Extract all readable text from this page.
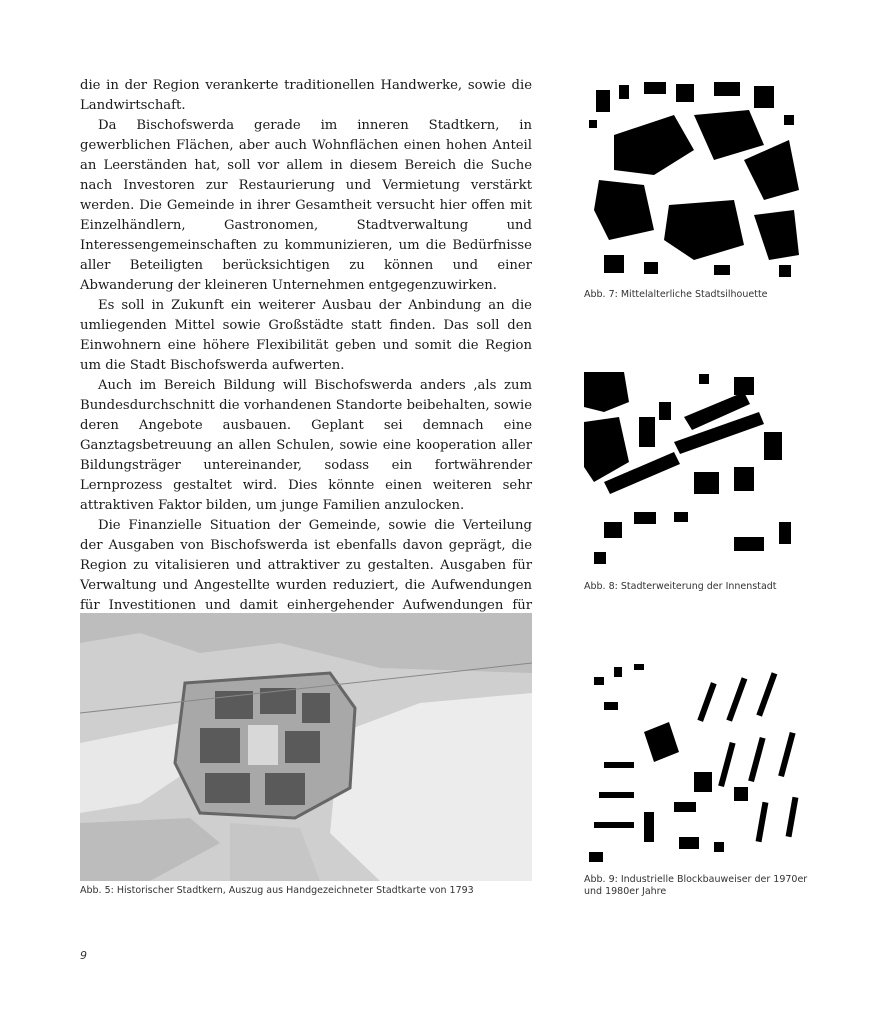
die in der Region verankerte traditionellen Handwerke, sowie die Landwirtschaft.

Da Bischofswerda gerade im inneren Stadtkern, in gewerblichen Flächen, aber auch Wohnflächen einen hohen Anteil an Leerständen hat, soll vor allem in diesem Bereich die Suche nach Investoren zur Restaurierung und Vermietung verstärkt werden. Die Gemeinde in ihrer Gesamtheit versucht hier offen mit Einzelhändlern, Gastronomen, Stadtverwaltung und Interessengemeinschaften zu kommunizieren, um die Bedürfnisse aller Beteiligten berücksichtigen zu können und einer Abwanderung der kleineren Unternehmen entgegenzuwirken.

Es soll in Zukunft ein weiterer Ausbau der Anbindung an die umliegenden Mittel sowie Großstädte statt finden. Das soll den Einwohnern eine höhere Flexibilität geben und somit die Region um die Stadt Bischofswerda aufwerten.

Auch im Bereich Bildung will Bischofswerda anders ,als zum Bundesdurchschnitt die vorhandenen Standorte beibehalten, sowie deren Angebote ausbauen. Geplant sei demnach eine Ganztagsbetreuung an allen Schulen, sowie eine kooperation aller Bildungsträger untereinander, sodass ein fortwährender Lernprozess gestaltet wird. Dies könnte einen weiteren sehr attraktiven Faktor bilden, um junge Familien anzulocken.

Die Finanzielle Situation der Gemeinde, sowie die Verteilung der Ausgaben von Bischofswerda ist ebenfalls davon geprägt, die Region zu vitalisieren und attraktiver zu gestalten. Ausgaben für Verwaltung und Angestellte wurden reduziert, die Aufwendungen für Investitionen und damit einhergehender Aufwendungen für

Abb. 5: Historischer Stadtkern, Auszug aus Handgezeichneter Stadtkarte von 1793
Abb. 7: Mittelalterliche Stadtsilhouette
Abb. 8: Stadterweiterung der Innenstadt
Abb. 9: Industrielle Blockbauweiser der 1970er
und 1980er Jahre
9
